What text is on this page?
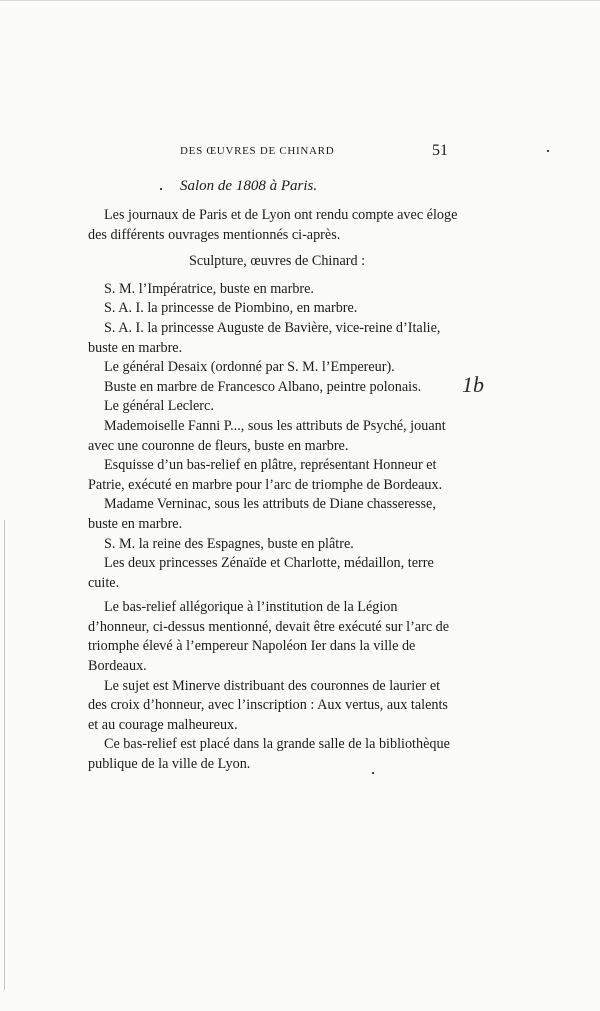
DES ŒUVRES DE CHINARD	51
Salon de 1808 à Paris.

Les journaux de Paris et de Lyon ont rendu compte avec éloge des différents ouvrages mentionnés ci-après.

Sculpture, œuvres de Chinard :

S. M. l’Impératrice, buste en marbre.

S. A. I. la princesse de Piombino, en marbre.

S. A. I. la princesse Auguste de Bavière, vice-reine d’Italie, buste en marbre.

Le général Desaix (ordonné par S. M. l’Empereur).

Buste en marbre de Francesco Albano, peintre polonais.

Le général Leclerc.

Mademoiselle Fanni P..., sous les attributs de Psyché, jouant avec une couronne de fleurs, buste en marbre.

Esquisse d’un bas-relief en plâtre, représentant Honneur et Patrie, exécuté en marbre pour l’arc de triomphe de Bordeaux.

Madame Verninac, sous les attributs de Diane chasseresse, buste en marbre.

S. M. la reine des Espagnes, buste en plâtre.

Les deux princesses Zénaïde et Charlotte, médaillon, terre cuite.

Le bas-relief allégorique à l’institution de la Légion d’honneur, ci-dessus mentionné, devait être exécuté sur l’arc de triomphe élevé à l’empereur Napoléon Ier dans la ville de Bordeaux.

Le sujet est Minerve distribuant des couronnes de laurier et des croix d’honneur, avec l’inscription : Aux vertus, aux talents et au courage malheureux.

Ce bas-relief est placé dans la grande salle de la bibliothèque publique de la ville de Lyon.

1b
